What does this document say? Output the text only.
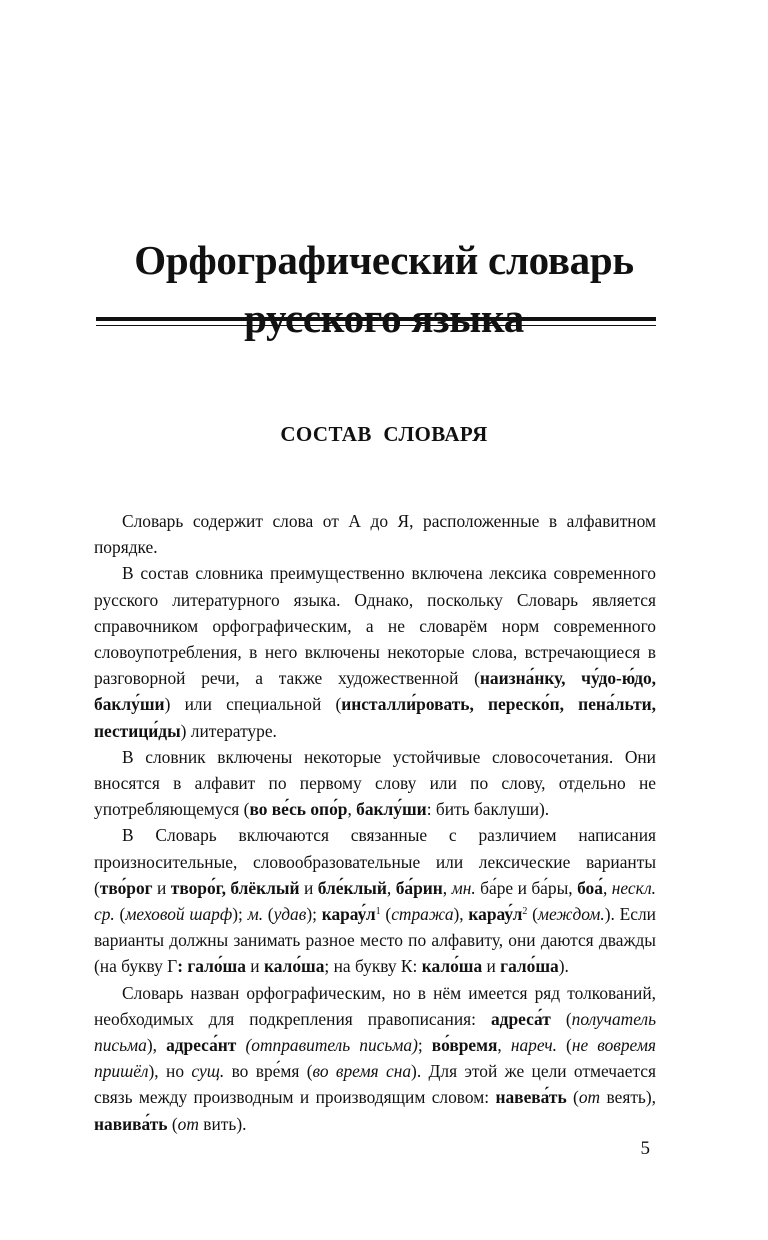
Орфографический словарь
СОСТАВ СЛОВАРЯ

Словарь содержит слова от А до Я, расположенные в алфавитном порядке.

В состав словника преимущественно включена лексика современного русского литературного языка. Однако, поскольку Словарь является справочником орфографическим, а не словарём норм современного словоупотребления, в него включены некоторые слова, встречающиеся в разговорной речи, а также художественной (наизна́нку, чу́до-ю́до, баклу́ши) или специальной (инсталли́ровать, переско́п, пена́льти, пестици́ды) литературе.

В словник включены некоторые устойчивые словосочетания. Они вносятся в алфавит по первому слову или по слову, отдельно не употребляющемуся (во ве́сь опо́р, баклу́ши: бить баклуши).

В Словарь включаются связанные с различием написания произносительные, словообразовательные или лексические варианты (тво́рог и творо́г, блёклый и бле́клый, ба́рин, мн. ба́ре и ба́ры, боа́, нескл. ср. (меховой шарф); м. (удав); $карау́л^1$ (стража), $карау́л^2$ (междом.). Если варианты должны занимать разное место по алфавиту, они даются дважды (на букву Г: гало́ша и кало́ша; на букву К: кало́ша и гало́ша).

Словарь назван орфографическим, но в нём имеется ряд толкований, необходимых для подкрепления правописания: адреса́т (получатель письма), адреса́нт (отправитель письма); во́время, нареч. (не вовремя пришёл), но сущ. во вре́мя (во время сна). Для этой же цели отмечается связь между производным и производящим словом: навева́ть (от веять), навива́ть (от вить).

5
